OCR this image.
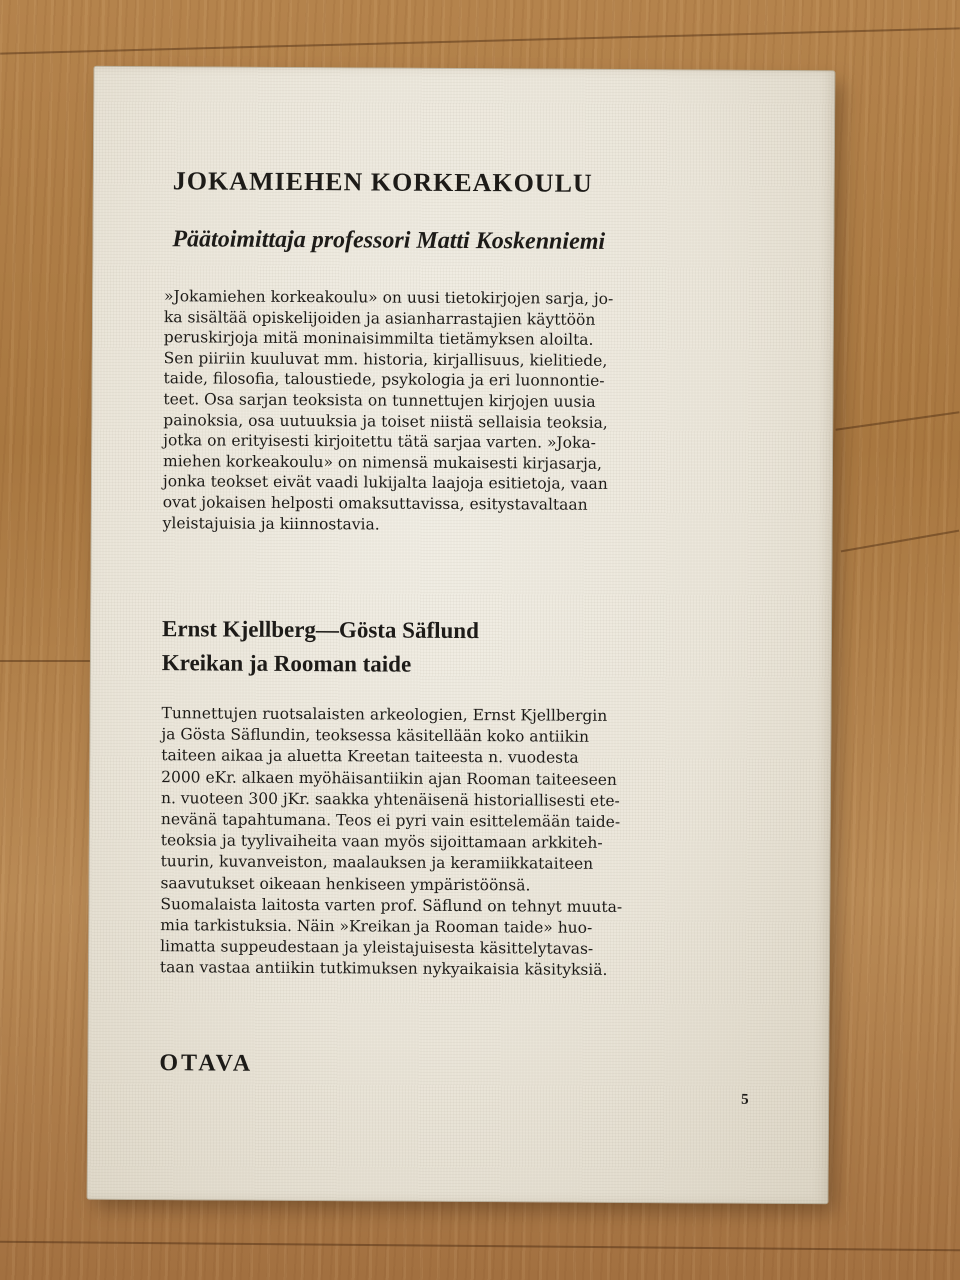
JOKAMIEHEN KORKEAKOULU
Päätoimittaja professori Matti Koskenniemi
»Jokamiehen korkeakoulu» on uusi tietokirjojen sarja, jo-
ka sisältää opiskelijoiden ja asianharrastajien käyttöön
peruskirjoja mitä moninaisimmilta tietämyksen aloilta.
Sen piiriin kuuluvat mm. historia, kirjallisuus, kielitiede,
taide, filosofia, taloustiede, psykologia ja eri luonnontie-
teet. Osa sarjan teoksista on tunnettujen kirjojen uusia
painoksia, osa uutuuksia ja toiset niistä sellaisia teoksia,
jotka on erityisesti kirjoitettu tätä sarjaa varten. »Joka-
miehen korkeakoulu» on nimensä mukaisesti kirjasarja,
jonka teokset eivät vaadi lukijalta laajoja esitietoja, vaan
ovat jokaisen helposti omaksuttavissa, esitystavaltaan
yleistajuisia ja kiinnostavia.
Ernst Kjellberg—Gösta Säflund
Kreikan ja Rooman taide
Tunnettujen ruotsalaisten arkeologien, Ernst Kjellbergin
ja Gösta Säflundin, teoksessa käsitellään koko antiikin
taiteen aikaa ja aluetta Kreetan taiteesta n. vuodesta
2000 eKr. alkaen myöhäisantiikin ajan Rooman taiteeseen
n. vuoteen 300 jKr. saakka yhtenäisenä historiallisesti ete-
nevänä tapahtumana. Teos ei pyri vain esittelemään taide-
teoksia ja tyylivaiheita vaan myös sijoittamaan arkkiteh-
tuurin, kuvanveiston, maalauksen ja keramiikkataiteen
saavutukset oikeaan henkiseen ympäristöönsä.
Suomalaista laitosta varten prof. Säflund on tehnyt muuta-
mia tarkistuksia. Näin »Kreikan ja Rooman taide» huo-
limatta suppeudestaan ja yleistajuisesta käsittelytavas-
taan vastaa antiikin tutkimuksen nykyaikaisia käsityksiä.
OTAVA
5
